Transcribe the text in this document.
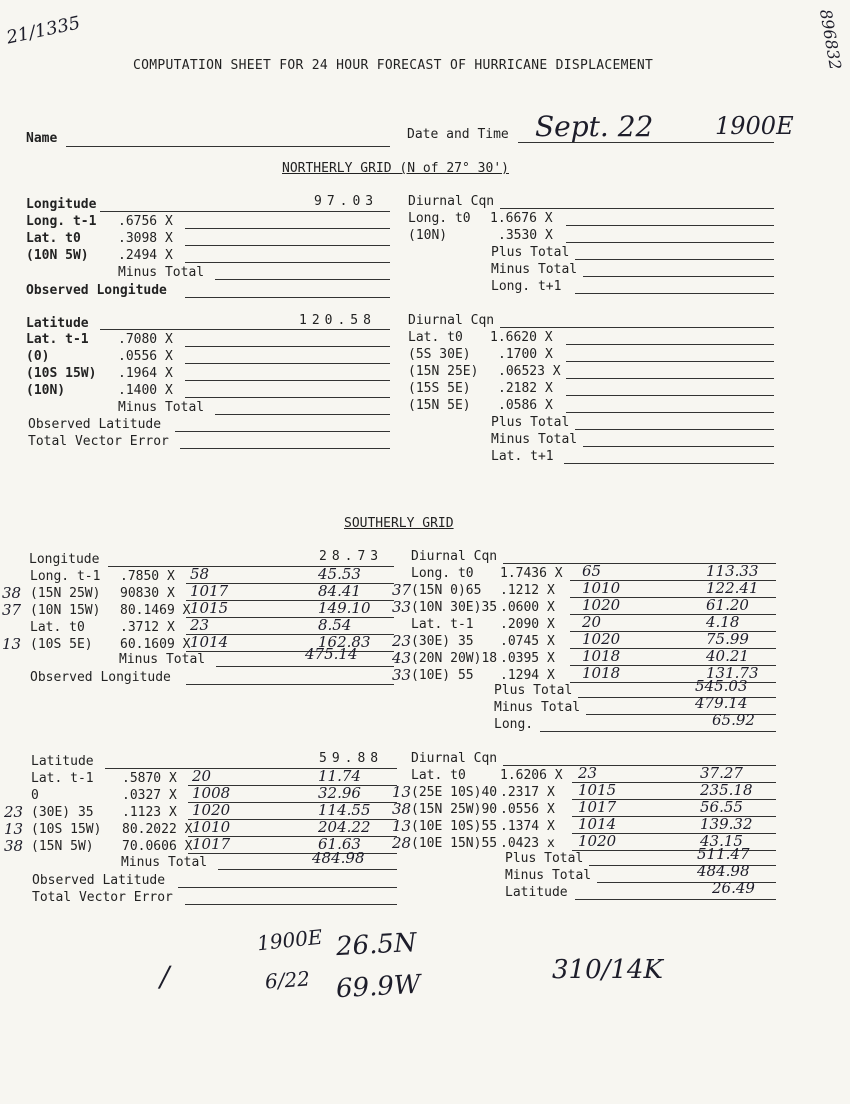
21/1335	896832
COMPUTATION SHEET FOR 24 HOUR FORECAST OF HURRICANE DISPLACEMENT
Name	Date and Time Sept. 22	1900E
NORTHERLY GRID (N of 27° 30')
Longitude	97.03
Long. t-1 .6756 X
Lat. t0	.3098 X
(10N 5W) .2494 X
Minus Total
Observed Longitude
Diurnal Cqn
Long. t0 1.6676 X
(10N)	.3530 X
Plus Total
Minus Total
Long. t+1
Latitude	120.58
Lat. t-1 .7080 X
(0)	.0556 X
(10S 15W) .1964 X
(10N)	.1400 X
Minus Total
Observed Latitude
Total Vector Error
Diurnal Cqn
Lat. t0 1.6620 X
(5S 30E) .1700 X
(15N 25E) .06523 X
(15S 5E) .2182 X
(15N 5E) .0586 X
Plus Total
Minus Total
Lat. t+1
SOUTHERLY GRID
Longitude	28.73
Long. t-1 .7850 X 58	45.53
38 (15N 25W) 90830 X 1017	84.41
37 (10N 15W) 80.1469 X 1015	149.10
Lat. t0	.3712 X 23	8.54
13 (10S 5E) 60.1609 X 1014	162.83
Minus Total	475.14
Observed Longitude
Diurnal Cqn
Long. t0 1.7436 X 65	113.33
37 (15N 0)65 .1212 X 1010	122.41
33 (10N 30E)35 .0600 X 1020	61.20
Lat. t-1 .2090 X 20	4.18
23 (30E) 35 .0745 X 1020	75.99
43 (20N 20W)18 .0395 X 1018	40.21
33 (10E) 55 .1294 X 1018	131.73
Plus Total	545.03
Minus Total	479.14
Long.	65.92
Latitude	59.88
Lat. t-1 .5870 X 20	11.74
0	.0327 X 1008	32.96
23 (30E) 35 .1123 X 1020	114.55
13 (10S 15W) 80.2022 X 1010	204.22
38 (15N 5W) 70.0606 X 1017	61.63
Minus Total	484.98
Observed Latitude
Total Vector Error
Diurnal Cqn
Lat. t0	1.6206 X 23	37.27
13 (25E 10S)40 .2317 X 1015	235.18
38 (15N 25W)90 .0556 X 1017	56.55
13 (10E 10S)55 .1374 X 1014	139.32
28 (10E 15N)55 .0423 x 1020	43.15
Plus Total	511.47
Minus Total	484.98
Latitude	26.49
∕
1900E
6/22
26.5N
69.9W	310/14K
